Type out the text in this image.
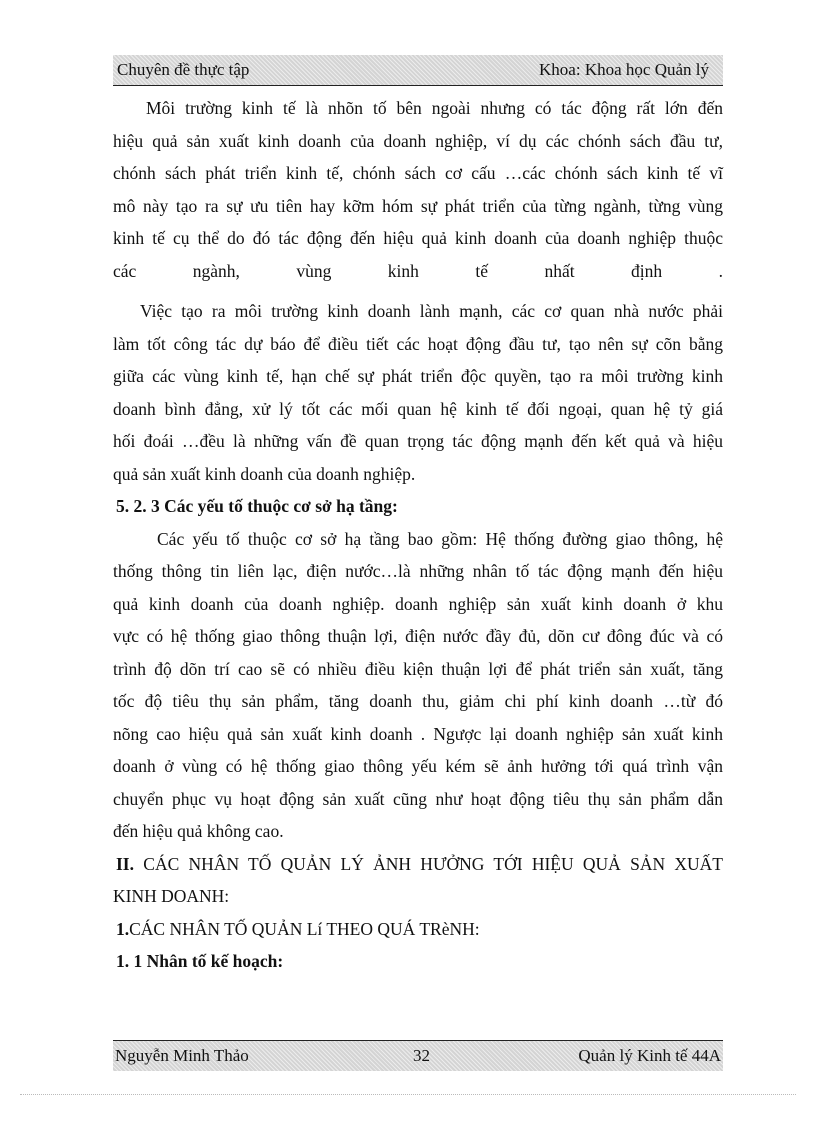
Chuyên đề thực tập	Khoa: Khoa học Quản lý
Môi trường kinh tế là nhõn tố bên ngoài nhưng có tác động rất lớn đến
hiệu quả sản xuất kinh doanh của doanh nghiệp, ví dụ các chónh sách đầu tư,
chónh sách phát triển kinh tế, chónh sách cơ cấu …các chónh sách kinh tế vĩ
mô này tạo ra sự ưu tiên hay kỡm hóm sự phát triển của từng ngành, từng vùng
kinh tế cụ thể do đó tác động đến hiệu quả kinh doanh của doanh nghiệp thuộc
các ngành, vùng kinh tế nhất định .
Việc tạo ra môi trường kinh doanh lành mạnh, các cơ quan nhà nước phải
làm tốt công tác dự báo để điều tiết các hoạt động đầu tư, tạo nên sự cõn bằng
giữa các vùng kinh tế, hạn chế sự phát triển độc quyền, tạo ra môi trường kinh
doanh bình đẳng, xử lý tốt các mối quan hệ kinh tế đối ngoại, quan hệ tỷ giá
hối đoái …đều là những vấn đề quan trọng tác động mạnh đến kết quả và hiệu
quả sản xuất kinh doanh của doanh nghiệp.
5. 2. 3 Các yếu tố thuộc cơ sở hạ tầng:
Các yếu tố thuộc cơ sở hạ tầng bao gồm: Hệ thống đường giao thông, hệ
thống thông tin liên lạc, điện nước…là những nhân tố tác động mạnh đến hiệu
quả kinh doanh của doanh nghiệp. doanh nghiệp sản xuất kinh doanh ở khu
vực có hệ thống giao thông thuận lợi, điện nước đầy đủ, dõn cư đông đúc và có
trình độ dõn trí cao sẽ có nhiều điều kiện thuận lợi để phát triển sản xuất, tăng
tốc độ tiêu thụ sản phẩm, tăng doanh thu, giảm chi phí kinh doanh …từ đó
nõng cao hiệu quả sản xuất kinh doanh . Ngược lại doanh nghiệp sản xuất kinh
doanh ở vùng có hệ thống giao thông yếu kém sẽ ảnh hưởng tới quá trình vận
chuyển phục vụ hoạt động sản xuất cũng như hoạt động tiêu thụ sản phẩm dẫn
đến hiệu quả không cao.
II. CÁC NHÂN TỐ QUẢN LÝ ẢNH HƯỞNG TỚI HIỆU QUẢ SẢN XUẤT
KINH DOANH:
1.CÁC NHÂN TỐ QUẢN Lí THEO QUÁ TRèNH:
1. 1 Nhân tố kế hoạch:
Nguyễn Minh Thảo	32	Quản lý Kinh tế 44A
